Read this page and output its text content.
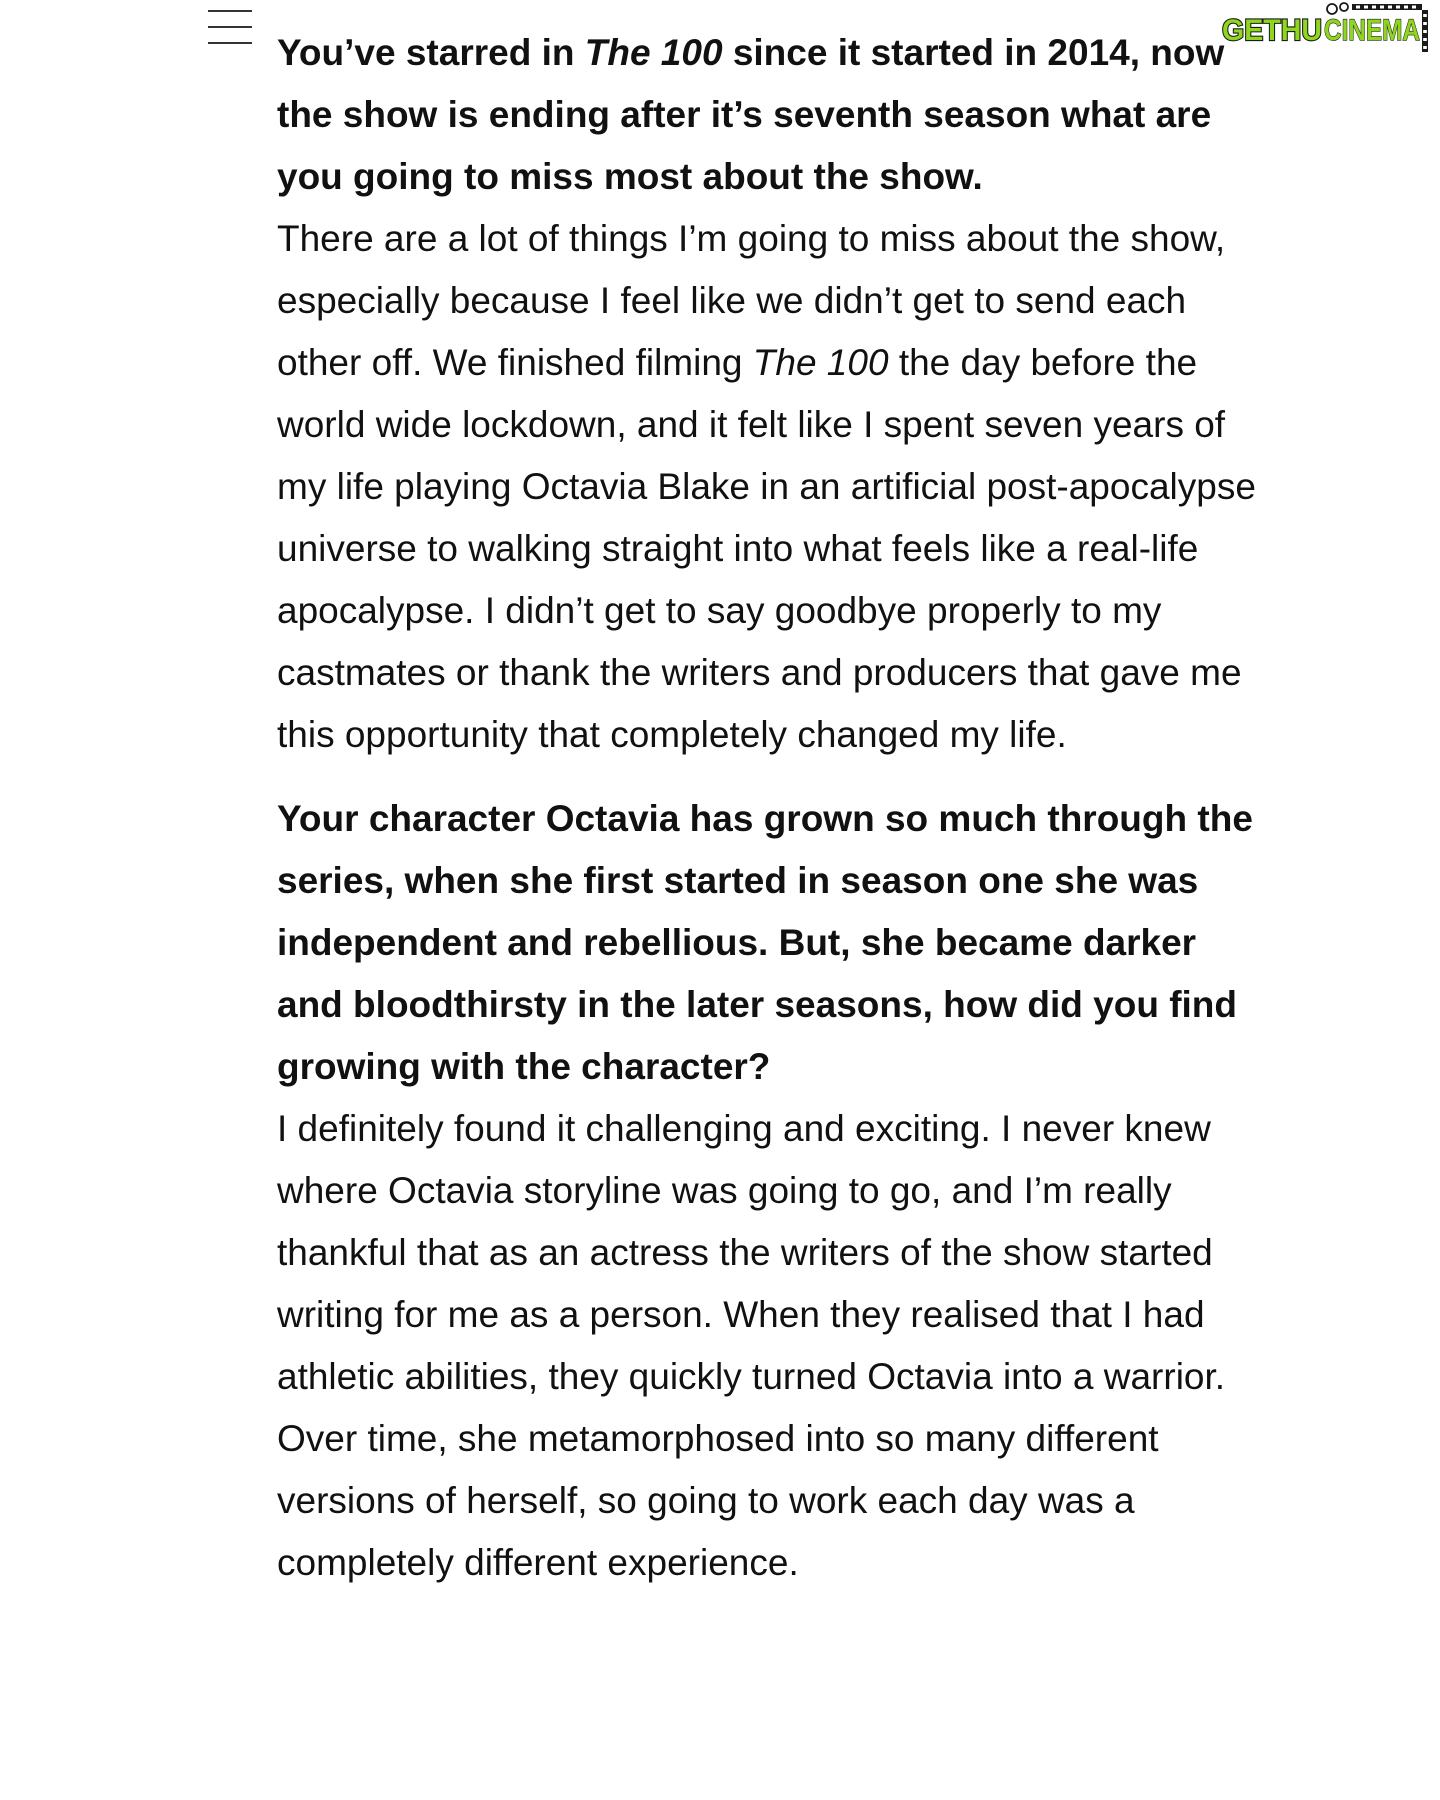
GETHU CINEMA

You’ve starred in The 100 since it started in 2014, now the show is ending after it’s seventh season what are you going to miss most about the show.

There are a lot of things I’m going to miss about the show, especially because I feel like we didn’t get to send each other off. We finished filming The 100 the day before the world wide lockdown, and it felt like I spent seven years of my life playing Octavia Blake in an artificial post-apocalypse universe to walking straight into what feels like a real-life apocalypse. I didn’t get to say goodbye properly to my castmates or thank the writers and producers that gave me this opportunity that completely changed my life.

Your character Octavia has grown so much through the series, when she first started in season one she was independent and rebellious. But, she became darker and bloodthirsty in the later seasons, how did you find growing with the character?

I definitely found it challenging and exciting. I never knew where Octavia storyline was going to go, and I’m really thankful that as an actress the writers of the show started writing for me as a person. When they realised that I had athletic abilities, they quickly turned Octavia into a warrior. Over time, she metamorphosed into so many different versions of herself, so going to work each day was a completely different experience.
